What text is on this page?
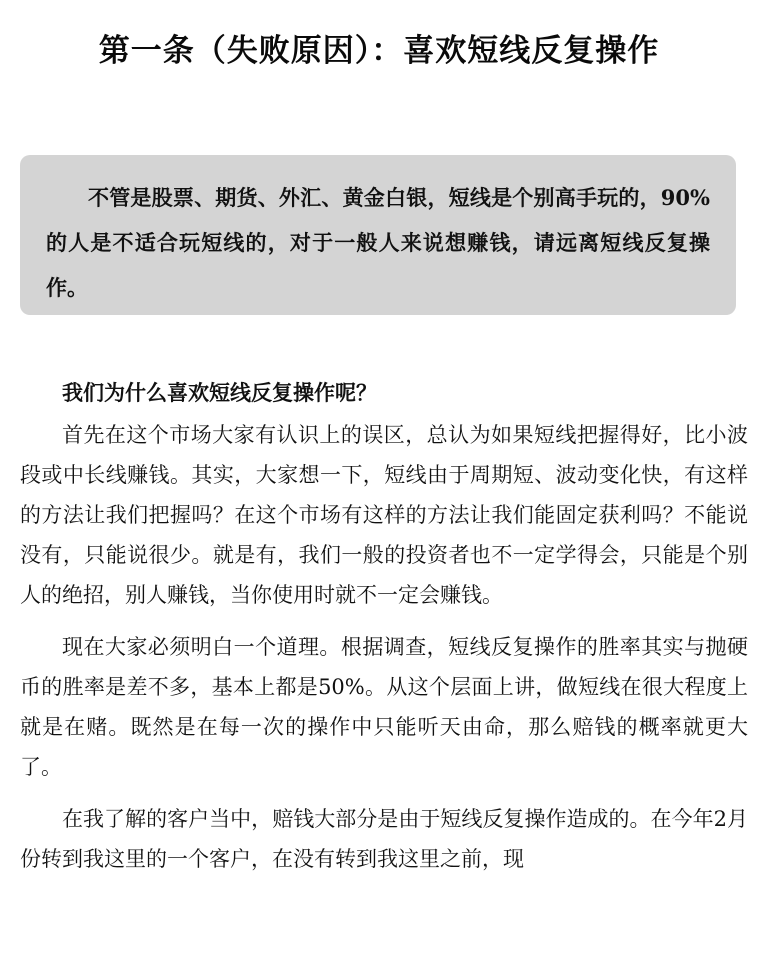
第一条（失败原因）：喜欢短线反复操作

不管是股票、期货、外汇、黄金白银，短线是个别高手玩的，90%的人是不适合玩短线的，对于一般人来说想赚钱，请远离短线反复操作。

我们为什么喜欢短线反复操作呢？

首先在这个市场大家有认识上的误区，总认为如果短线把握得好，比小波段或中长线赚钱。其实，大家想一下，短线由于周期短、波动变化快，有这样的方法让我们把握吗？在这个市场有这样的方法让我们能固定获利吗？不能说没有，只能说很少。就是有，我们一般的投资者也不一定学得会，只能是个别人的绝招，别人赚钱，当你使用时就不一定会赚钱。

现在大家必须明白一个道理。根据调查，短线反复操作的胜率其实与抛硬币的胜率是差不多，基本上都是50%。从这个层面上讲，做短线在很大程度上就是在赌。既然是在每一次的操作中只能听天由命，那么赔钱的概率就更大了。

在我了解的客户当中，赔钱大部分是由于短线反复操作造成的。在今年2月份转到我这里的一个客户，在没有转到我这里之前，现
